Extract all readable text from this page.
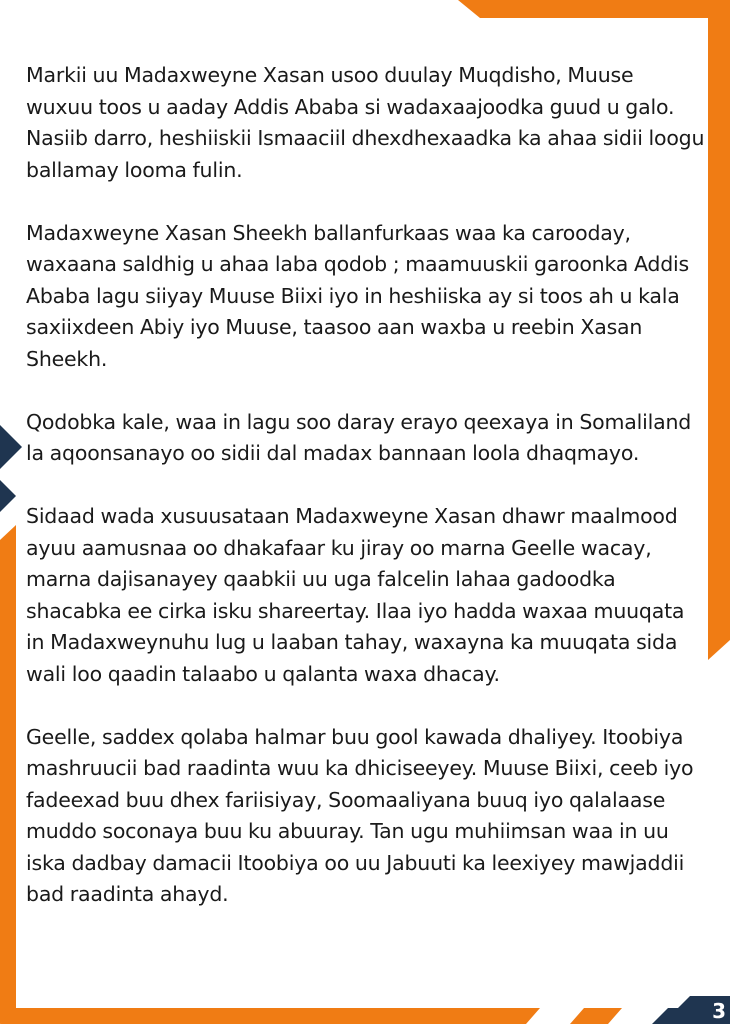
Markii uu Madaxweyne Xasan usoo duulay Muqdisho, Muuse wuxuu toos u aaday Addis Ababa si wadaxaajoodka guud u galo. Nasiib darro, heshiiskii Ismaaciil dhexdhexaadka ka ahaa sidii loogu ballamay looma fulin.

Madaxweyne Xasan Sheekh ballanfurkaas waa ka carooday, waxaana saldhig u ahaa laba qodob ; maamuuskii garoonka Addis Ababa lagu siiyay Muuse Biixi iyo in heshiiska ay si toos ah u kala saxiixdeen Abiy iyo Muuse, taasoo aan waxba u reebin Xasan Sheekh.

Qodobka kale, waa in lagu soo daray erayo qeexaya in Somaliland la aqoonsanayo oo sidii dal madax bannaan loola dhaqmayo.

Sidaad wada xusuusataan Madaxweyne Xasan dhawr maalmood ayuu aamusnaa oo dhakafaar ku jiray oo marna Geelle wacay, marna dajisanayey qaabkii uu uga falcelin lahaa gadoodka shacabka ee cirka isku shareertay. Ilaa iyo hadda waxaa muuqata in Madaxweynuhu lug u laaban tahay, waxayna ka muuqata sida wali loo qaadin talaabo u qalanta waxa dhacay.

Geelle, saddex qolaba halmar buu gool kawada dhaliyey. Itoobiya mashruucii bad raadinta wuu ka dhiciseeyey. Muuse Biixi, ceeb iyo fadeexad buu dhex fariisiyay, Soomaaliyana buuq iyo qalalaase muddo soconaya buu ku abuuray. Tan ugu muhiimsan waa in uu iska dadbay damacii Itoobiya oo uu Jabuuti ka leexiyey mawjaddii bad raadinta ahayd.

3
